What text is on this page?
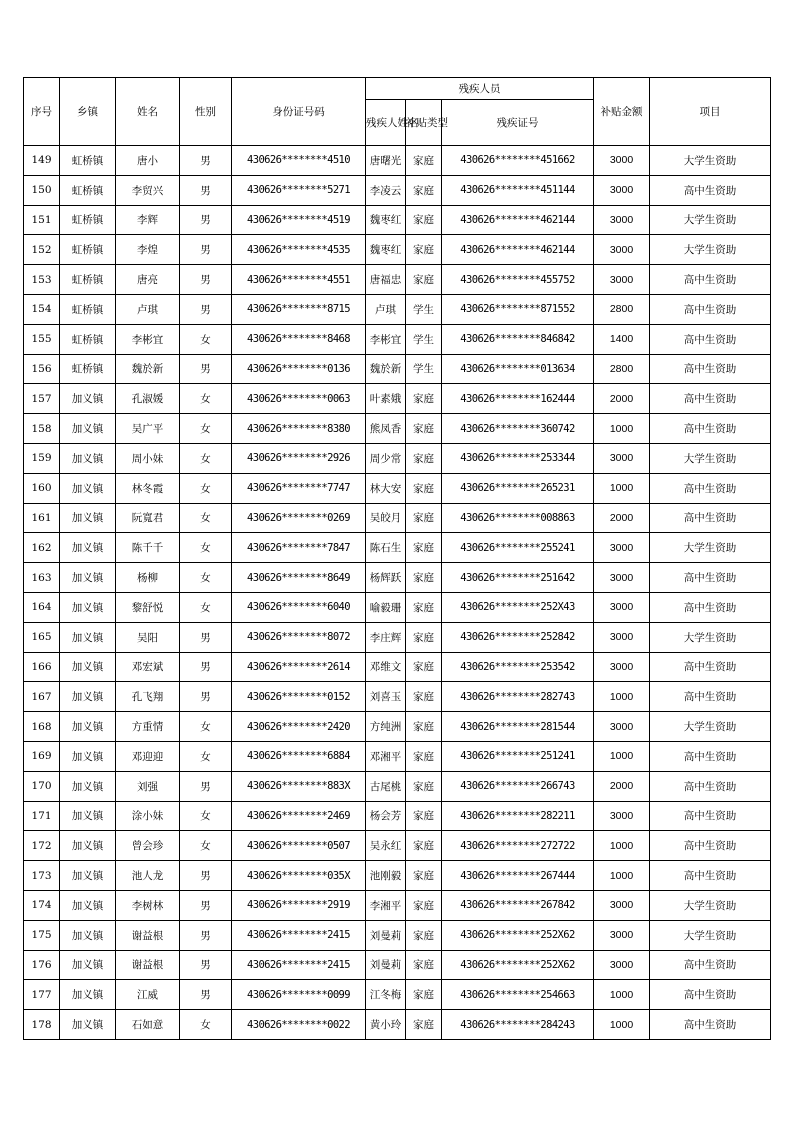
序号	乡镇	姓名	性别	身份证号码	残疾人员			补贴金额	项目
					残疾人姓名	补贴类型	残疾证号		
149	虹桥镇	唐小	男	430626********4510	唐曙光	家庭	430626********451662	3000	大学生资助
150	虹桥镇	李贸兴	男	430626********5271	李凌云	家庭	430626********451144	3000	高中生资助
151	虹桥镇	李辉	男	430626********4519	魏枣红	家庭	430626********462144	3000	大学生资助
152	虹桥镇	李煌	男	430626********4535	魏枣红	家庭	430626********462144	3000	大学生资助
153	虹桥镇	唐亮	男	430626********4551	唐福忠	家庭	430626********455752	3000	高中生资助
154	虹桥镇	卢琪	男	430626********8715	卢琪	学生	430626********871552	2800	高中生资助
155	虹桥镇	李彬宜	女	430626********8468	李彬宜	学生	430626********846842	1400	高中生资助
156	虹桥镇	魏於新	男	430626********0136	魏於新	学生	430626********013634	2800	高中生资助
157	加义镇	孔淑媛	女	430626********0063	叶素娥	家庭	430626********162444	2000	高中生资助
158	加义镇	吴广平	女	430626********8380	熊凤香	家庭	430626********360742	1000	高中生资助
159	加义镇	周小妹	女	430626********2926	周少常	家庭	430626********253344	3000	大学生资助
160	加义镇	林冬霞	女	430626********7747	林大安	家庭	430626********265231	1000	高中生资助
161	加义镇	阮寬君	女	430626********0269	吴皎月	家庭	430626********008863	2000	高中生资助
162	加义镇	陈千千	女	430626********7847	陈石生	家庭	430626********255241	3000	大学生资助
163	加义镇	杨柳	女	430626********8649	杨辉跃	家庭	430626********251642	3000	高中生资助
164	加义镇	黎舒悦	女	430626********6040	喻毅珊	家庭	430626********252X43	3000	高中生资助
165	加义镇	吴阳	男	430626********8072	李庄辉	家庭	430626********252842	3000	大学生资助
166	加义镇	邓宏斌	男	430626********2614	邓维文	家庭	430626********253542	3000	高中生资助
167	加义镇	孔飞翔	男	430626********0152	刘喜玉	家庭	430626********282743	1000	高中生资助
168	加义镇	方重情	女	430626********2420	方纯洲	家庭	430626********281544	3000	大学生资助
169	加义镇	邓迎迎	女	430626********6884	邓湘平	家庭	430626********251241	1000	高中生资助
170	加义镇	刘强	男	430626********883X	古尾桃	家庭	430626********266743	2000	高中生资助
171	加义镇	涂小妹	女	430626********2469	杨会芳	家庭	430626********282211	3000	高中生资助
172	加义镇	曾会珍	女	430626********0507	吴永红	家庭	430626********272722	1000	高中生资助
173	加义镇	池人龙	男	430626********035X	池刚毅	家庭	430626********267444	1000	高中生资助
174	加义镇	李树林	男	430626********2919	李湘平	家庭	430626********267842	3000	大学生资助
175	加义镇	谢益根	男	430626********2415	刘曼莉	家庭	430626********252X62	3000	大学生资助
176	加义镇	谢益根	男	430626********2415	刘曼莉	家庭	430626********252X62	3000	高中生资助
177	加义镇	江威	男	430626********0099	江冬梅	家庭	430626********254663	1000	高中生资助
178	加义镇	石如意	女	430626********0022	黄小玲	家庭	430626********284243	1000	高中生资助
